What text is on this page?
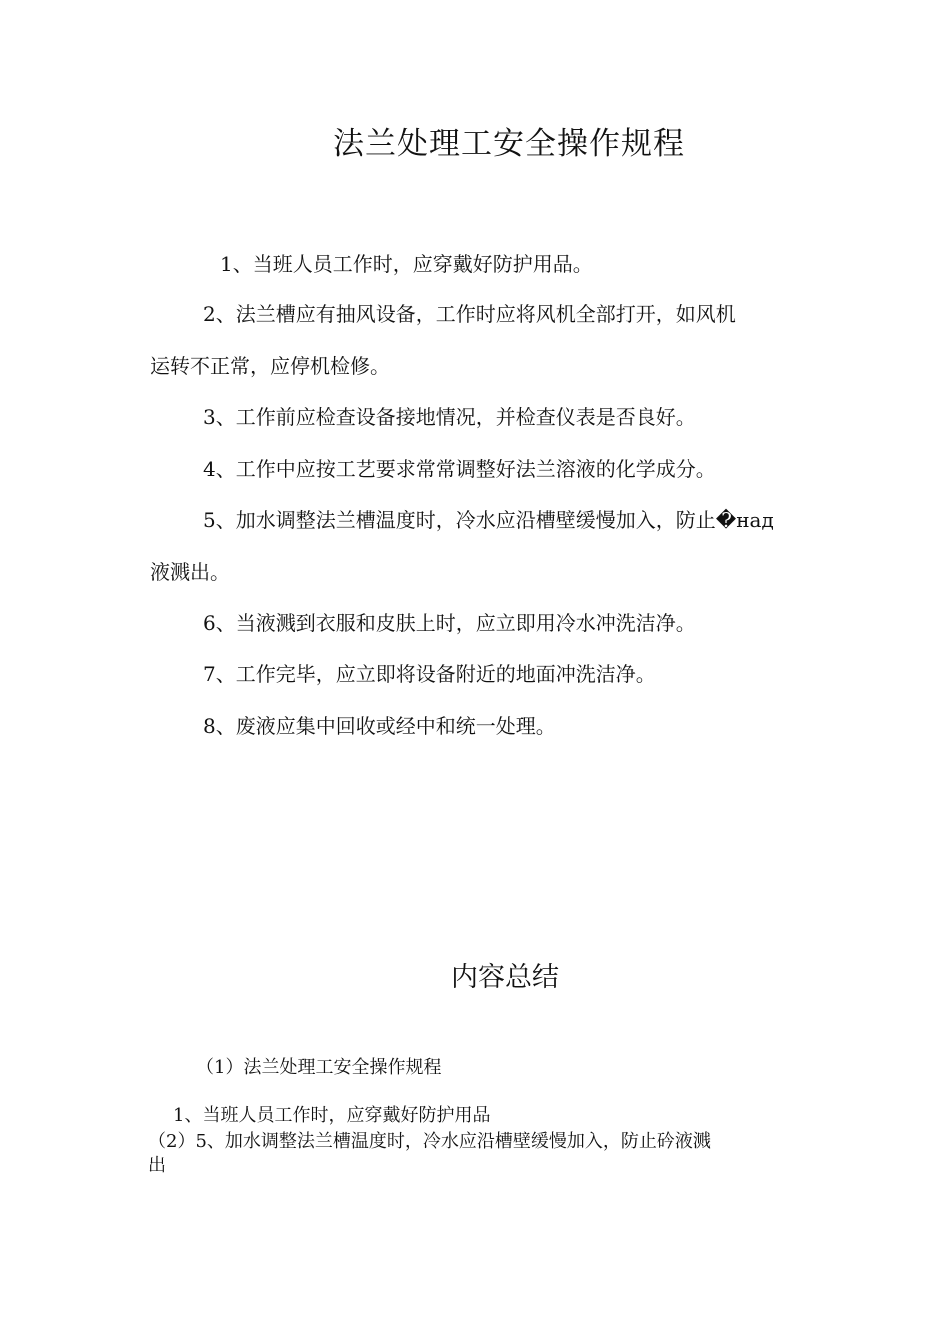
法兰处理工安全操作规程
1、当班人员工作时，应穿戴好防护用品。
2、法兰槽应有抽风设备，工作时应将风机全部打开，如风机
运转不正常，应停机检修。
3、工作前应检查设备接地情况，并检查仪表是否良好。
4、工作中应按工艺要求常常调整好法兰溶液的化学成分。
5、加水调整法兰槽温度时，冷水应沿槽壁缓慢加入，防止�над
液溅出。
6、当液溅到衣服和皮肤上时，应立即用冷水冲洗洁净。
7、工作完毕，应立即将设备附近的地面冲洗洁净。
8、废液应集中回收或经中和统一处理。
内容总结
（1）法兰处理工安全操作规程
1、当班人员工作时，应穿戴好防护用品
（2）5、加水调整法兰槽温度时，冷水应沿槽壁缓慢加入，防止砛液溅
出
